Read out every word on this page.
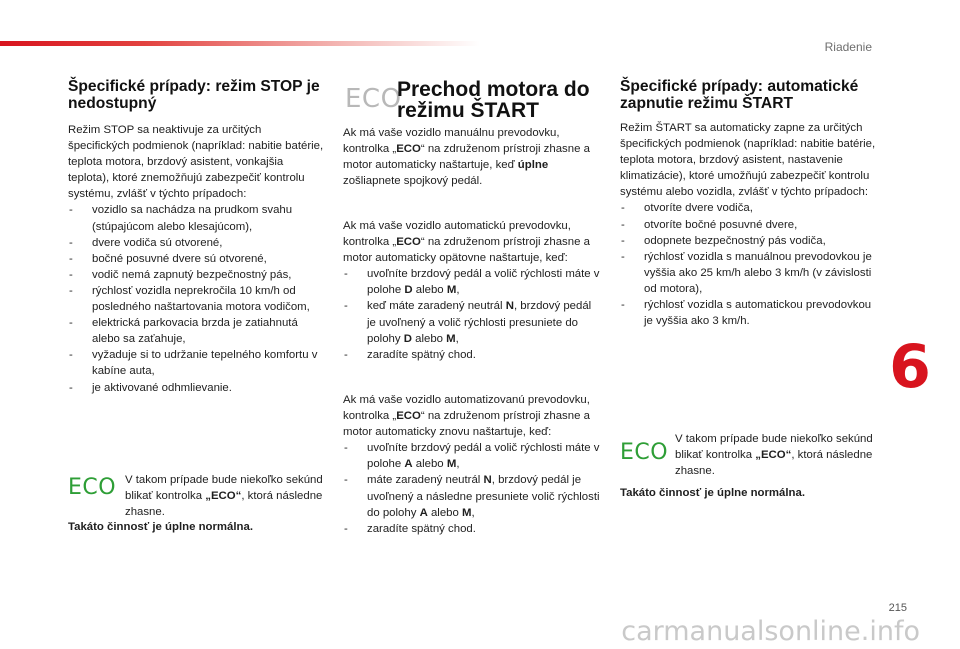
Riadenie
Špecifické prípady: režim STOP je nedostupný

Režim STOP sa neaktivuje za určitých špecifických podmienok (napríklad: nabitie batérie, teplota motora, brzdový asistent, vonkajšia teplota), ktoré znemožňujú zabezpečiť kontrolu systému, zvlášť v týchto prípadoch:

- vozidlo sa nachádza na prudkom svahu (stúpajúcom alebo klesajúcom),
- dvere vodiča sú otvorené,
- bočné posuvné dvere sú otvorené,
- vodič nemá zapnutý bezpečnostný pás,
- rýchlosť vozidla neprekročila 10 km/h od posledného naštartovania motora vodičom,
- elektrická parkovacia brzda je zatiahnutá alebo sa zaťahuje,
- vyžaduje si to udržanie tepelného komfortu v kabíne auta,
- je aktivované odhmlievanie.
ECO V takom prípade bude niekoľko sekúnd blikať kontrolka „ECO“, ktorá následne zhasne.
Takáto činnosť je úplne normálna.
ECO
Prechod motora do režimu ŠTART

Ak má vaše vozidlo manuálnu prevodovku, kontrolka „ECO“ na združenom prístroji zhasne a motor automaticky naštartuje, keď úplne zošliapnete spojkový pedál.

Ak má vaše vozidlo automatickú prevodovku, kontrolka „ECO“ na združenom prístroji zhasne a motor automaticky opätovne naštartuje, keď:

- uvoľníte brzdový pedál a volič rýchlosti máte v polohe D alebo M,
- keď máte zaradený neutrál N, brzdový pedál je uvoľnený a volič rýchlosti presuniete do polohy D alebo M,
- zaradíte spätný chod.

Ak má vaše vozidlo automatizovanú prevodovku, kontrolka „ECO“ na združenom prístroji zhasne a motor automaticky znovu naštartuje, keď:

- uvoľníte brzdový pedál a volič rýchlosti máte v polohe A alebo M,
- máte zaradený neutrál N, brzdový pedál je uvoľnený a následne presuniete volič rýchlosti do polohy A alebo M,
- zaradíte spätný chod.
Špecifické prípady: automatické zapnutie režimu ŠTART

Režim ŠTART sa automaticky zapne za určitých špecifických podmienok (napríklad: nabitie batérie, teplota motora, brzdový asistent, nastavenie klimatizácie), ktoré umožňujú zabezpečiť kontrolu systému alebo vozidla, zvlášť v týchto prípadoch:

- otvoríte dvere vodiča,
- otvoríte bočné posuvné dvere,
- odopnete bezpečnostný pás vodiča,
- rýchlosť vozidla s manuálnou prevodovkou je vyššia ako 25 km/h alebo 3 km/h (v závislosti od motora),
- rýchlosť vozidla s automatickou prevodovkou je vyššia ako 3 km/h.
ECO
V takom prípade bude niekoľko sekúnd blikať kontrolka „ECO“, ktorá následne zhasne.
Takáto činnosť je úplne normálna.
6
215
carmanualsonline.info
